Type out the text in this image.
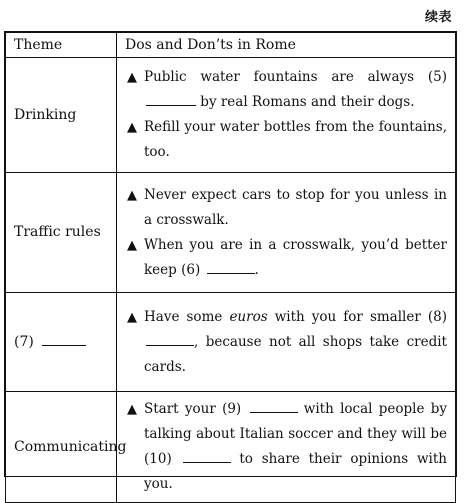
续表
Theme	Dos and Don’ts in Rome
Drinking	▲ Public water fountains are always (5)  by real Romans and their dogs.
▲ Refill your water bottles from the fountains, too.

Traffic rules	▲ Never expect cars to stop for you unless in a crosswalk.
▲ When you are in a crosswalk, you’d better keep (6) .

(7)	▲ Have some euros with you for smaller (8) , because not all shops take credit cards.

Communicating	▲ Start your (9) with local people by talking about Italian soccer and they will be (10) to share their opinions with you.
